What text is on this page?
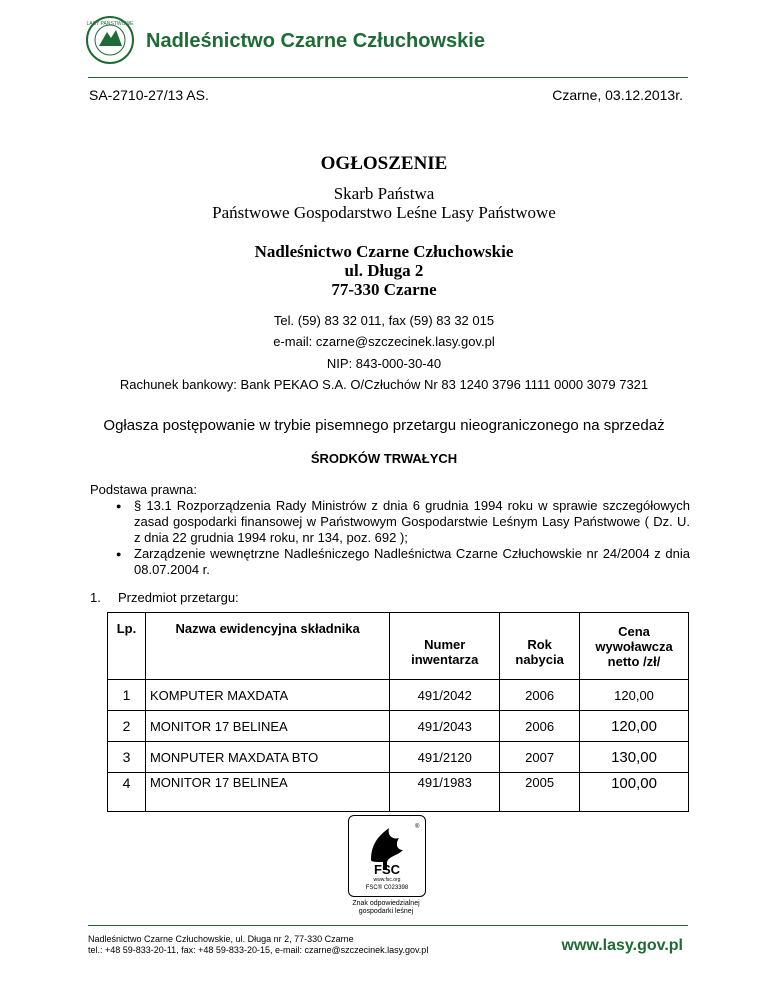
LASY PAŃSTWOWE
Nadleśnictwo Czarne Człuchowskie
SA-2710-27/13 AS.	Czarne, 03.12.2013r.
OGŁOSZENIE
Skarb Państwa
Państwowe Gospodarstwo Leśne Lasy Państwowe
Nadleśnictwo Czarne Człuchowskie
ul. Długa 2
77-330 Czarne
Tel. (59) 83 32 011, fax (59) 83 32 015
e-mail: czarne@szczecinek.lasy.gov.pl
NIP: 843-000-30-40
Rachunek bankowy: Bank PEKAO S.A. O/Człuchów Nr 83 1240 3796 1111 0000 3079 7321
Ogłasza postępowanie w trybie pisemnego przetargu nieograniczonego na sprzedaż
ŚRODKÓW TRWAŁYCH
Podstawa prawna:
● § 13.1 Rozporządzenia Rady Ministrów z dnia 6 grudnia 1994 roku w sprawie szczegółowych zasad gospodarki finansowej w Państwowym Gospodarstwie Leśnym Lasy Państwowe ( Dz. U. z dnia 22 grudnia 1994 roku, nr 134, poz. 692 );
● Zarządzenie wewnętrzne Nadleśniczego Nadleśnictwa Czarne Człuchowskie nr 24/2004 z dnia 08.07.2004 r.
1. Przedmiot przetargu:
Lp.	Nazwa ewidencyjna składnika	Numer inwentarza	Rok nabycia	Cena wywoławcza netto /zł/
1	KOMPUTER MAXDATA	491/2042	2006	120,00
2	MONITOR 17 BELINEA	491/2043	2006	120,00
3	MONPUTER MAXDATA BTO	491/2120	2007	130,00
4	MONITOR 17 BELINEA	491/1983	2005	100,00
®
FSC
www.fsc.org
FSC® C023398
Znak odpowiedzialnej
gospodarki leśnej
Nadleśnictwo Czarne Człuchowskie, ul. Długa nr 2, 77-330 Czarne
tel.: +48 59-833-20-11, fax: +48 59-833-20-15, e-mail: czarne@szczecinek.lasy.gov.pl	www.lasy.gov.pl
